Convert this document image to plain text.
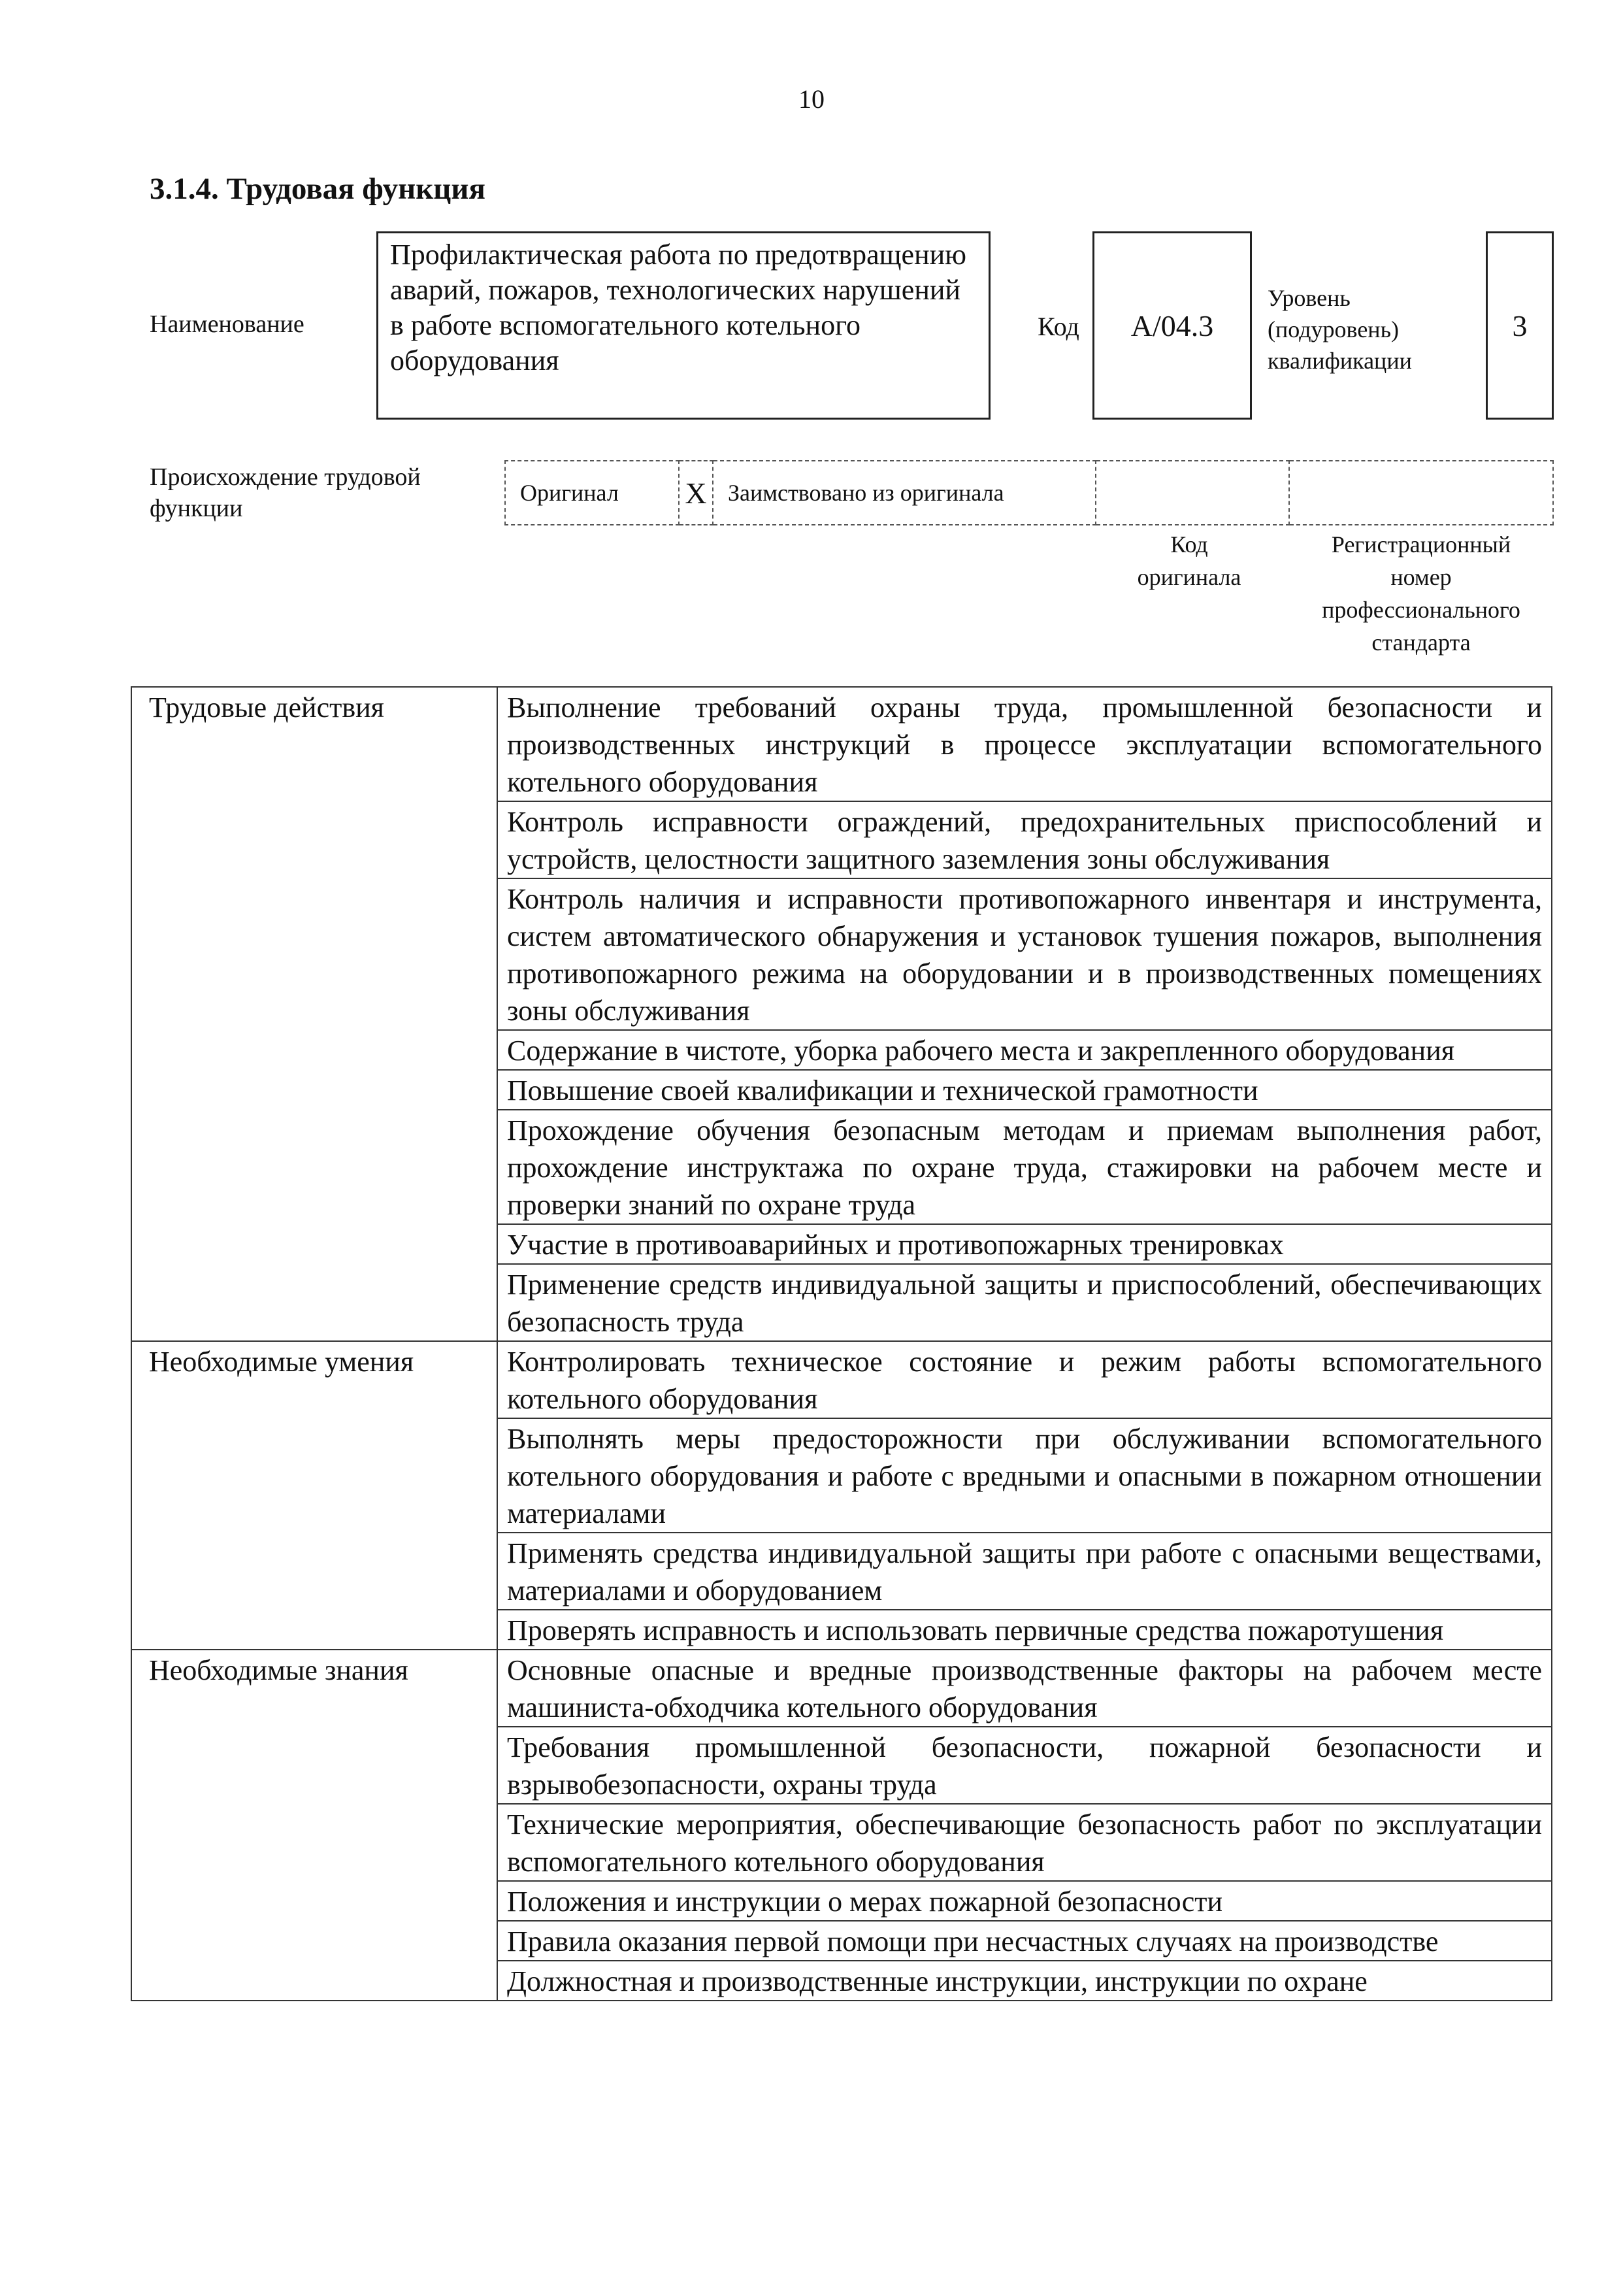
10
3.1.4. Трудовая функция
Наименование
Профилактическая работа по предотвращению аварий, пожаров, технологических нарушений в работе вспомогательного котельного оборудования
Код А/04.3
Уровень
(подуровень)
квалификации
3
Происхождение трудовой
функции
Оригинал	X	Заимствовано из оригинала		
Код
оригинала
Регистрационный
номер
профессионального
стандарта
Трудовые действия	Выполнение требований охраны труда, промышленной безопасности и производственных инструкций в процессе эксплуатации вспомогательного котельного оборудования
	Контроль исправности ограждений, предохранительных приспособлений и устройств, целостности защитного заземления зоны обслуживания
	Контроль наличия и исправности противопожарного инвентаря и инструмента, систем автоматического обнаружения и установок тушения пожаров, выполнения противопожарного режима на оборудовании и в производственных помещениях зоны обслуживания
	Содержание в чистоте, уборка рабочего места и закрепленного оборудования
	Повышение своей квалификации и технической грамотности
	Прохождение обучения безопасным методам и приемам выполнения работ, прохождение инструктажа по охране труда, стажировки на рабочем месте и проверки знаний по охране труда
	Участие в противоаварийных и противопожарных тренировках
	Применение средств индивидуальной защиты и приспособлений, обеспечивающих безопасность труда
Необходимые умения	Контролировать техническое состояние и режим работы вспомогательного котельного оборудования
	Выполнять меры предосторожности при обслуживании вспомогательного котельного оборудования и работе с вредными и опасными в пожарном отношении материалами
	Применять средства индивидуальной защиты при работе с опасными веществами, материалами и оборудованием
	Проверять исправность и использовать первичные средства пожаротушения
Необходимые знания	Основные опасные и вредные производственные факторы на рабочем месте машиниста-обходчика котельного оборудования
	Требования промышленной безопасности, пожарной безопасности и взрывобезопасности, охраны труда
	Технические мероприятия, обеспечивающие безопасность работ по эксплуатации вспомогательного котельного оборудования
	Положения и инструкции о мерах пожарной безопасности
	Правила оказания первой помощи при несчастных случаях на производстве
	Должностная и производственные инструкции, инструкции по охране
